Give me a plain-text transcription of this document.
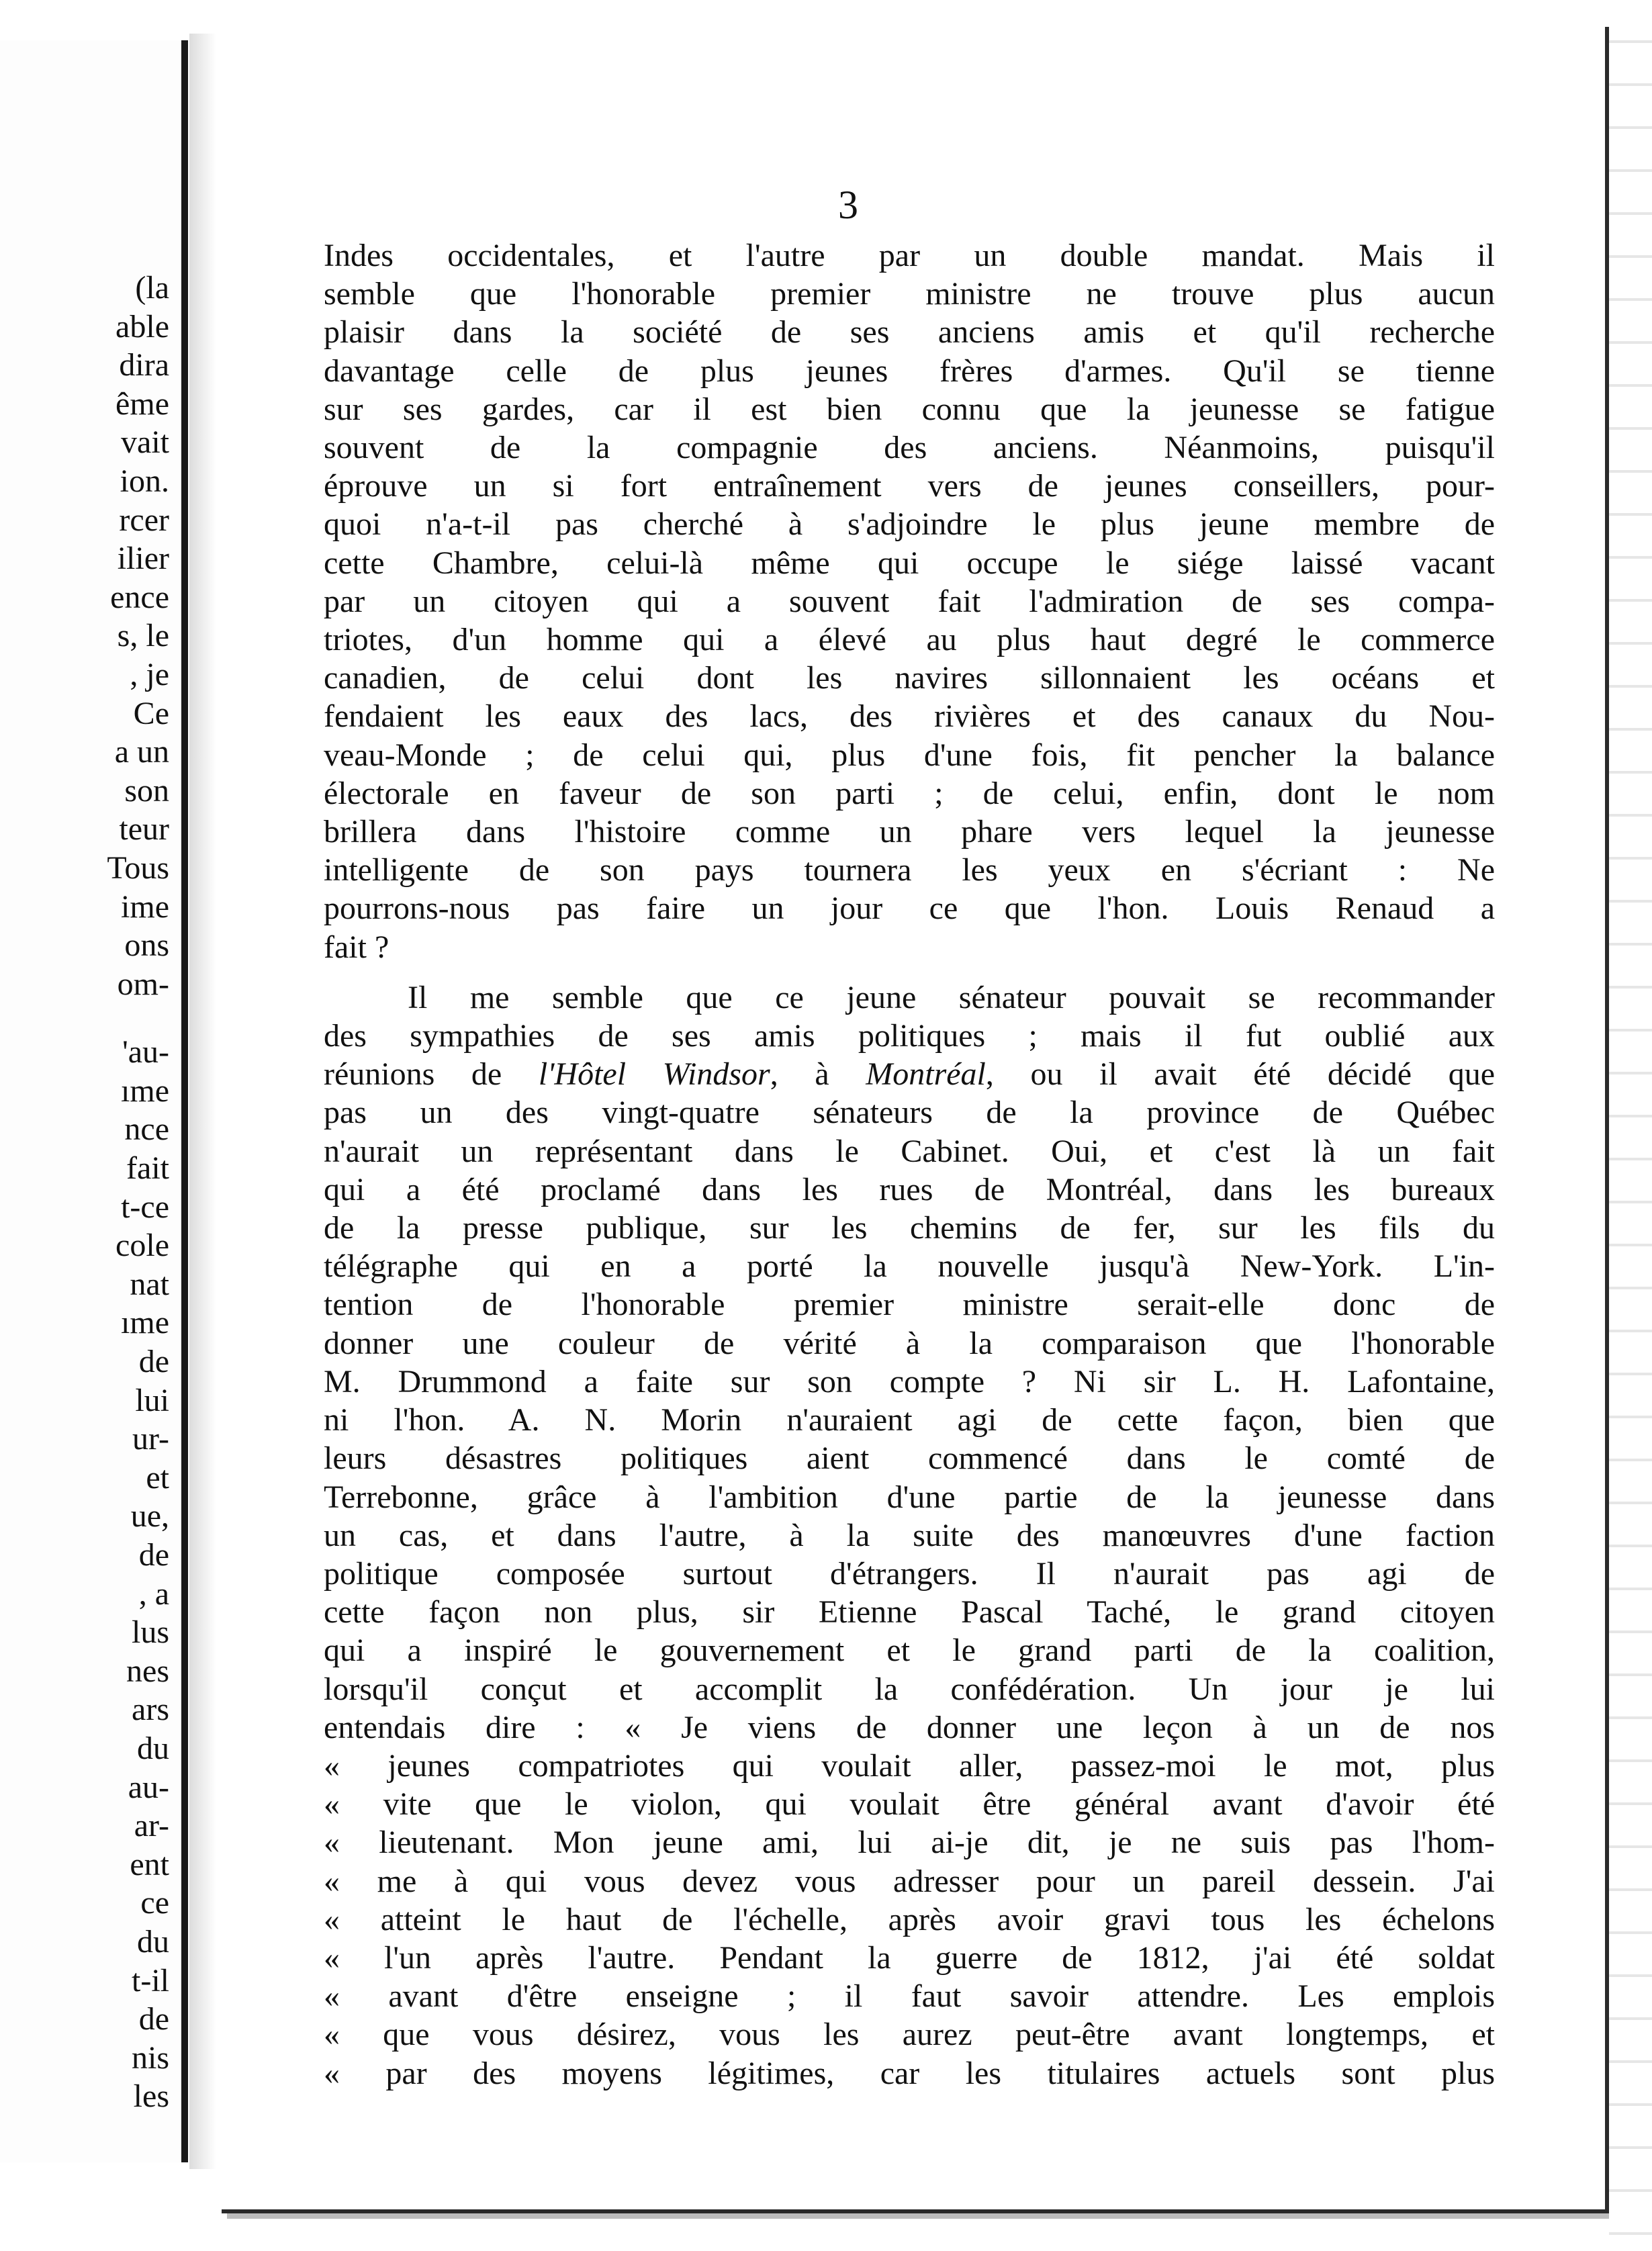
(la
able
dira
ême
vait
ion.
rcer
ilier
ence
s, le
, je
Ce
a un
son
teur
Tous
ime
ons
om-
'au-
ıme
nce
fait
t-ce
cole
nat
ıme
de
lui
ur-
et
ue,
de
, a
lus
nes
ars
du
au-
ar-
ent
ce
du
t-il
de
nis
les
3
Indes occidentales, et l'autre par un double mandat. Mais il
semble que l'honorable premier ministre ne trouve plus aucun
plaisir dans la société de ses anciens amis et qu'il recherche
davantage celle de plus jeunes frères d'armes. Qu'il se tienne
sur ses gardes, car il est bien connu que la jeunesse se fatigue
souvent de la compagnie des anciens. Néanmoins, puisqu'il
éprouve un si fort entraînement vers de jeunes conseillers, pour-
quoi n'a-t-il pas cherché à s'adjoindre le plus jeune membre de
cette Chambre, celui-là même qui occupe le siége laissé vacant
par un citoyen qui a souvent fait l'admiration de ses compa-
triotes, d'un homme qui a élevé au plus haut degré le commerce
canadien, de celui dont les navires sillonnaient les océans et
fendaient les eaux des lacs, des rivières et des canaux du Nou-
veau-Monde ; de celui qui, plus d'une fois, fit pencher la balance
électorale en faveur de son parti ; de celui, enfin, dont le nom
brillera dans l'histoire comme un phare vers lequel la jeunesse
intelligente de son pays tournera les yeux en s'écriant : Ne
pourrons-nous pas faire un jour ce que l'hon. Louis Renaud a
fait ?
Il me semble que ce jeune sénateur pouvait se recommander
des sympathies de ses amis politiques ; mais il fut oublié aux
réunions de l'Hôtel Windsor, à Montréal, ou il avait été décidé que
pas un des vingt-quatre sénateurs de la province de Québec
n'aurait un représentant dans le Cabinet. Oui, et c'est là un fait
qui a été proclamé dans les rues de Montréal, dans les bureaux
de la presse publique, sur les chemins de fer, sur les fils du
télégraphe qui en a porté la nouvelle jusqu'à New-York. L'in-
tention de l'honorable premier ministre serait-elle donc de
donner une couleur de vérité à la comparaison que l'honorable
M. Drummond a faite sur son compte ? Ni sir L. H. Lafontaine,
ni l'hon. A. N. Morin n'auraient agi de cette façon, bien que
leurs désastres politiques aient commencé dans le comté de
Terrebonne, grâce à l'ambition d'une partie de la jeunesse dans
un cas, et dans l'autre, à la suite des manœuvres d'une faction
politique composée surtout d'étrangers. Il n'aurait pas agi de
cette façon non plus, sir Etienne Pascal Taché, le grand citoyen
qui a inspiré le gouvernement et le grand parti de la coalition,
lorsqu'il conçut et accomplit la confédération. Un jour je lui
entendais dire : « Je viens de donner une leçon à un de nos
« jeunes compatriotes qui voulait aller, passez-moi le mot, plus
« vite que le violon, qui voulait être général avant d'avoir été
« lieutenant. Mon jeune ami, lui ai-je dit, je ne suis pas l'hom-
« me à qui vous devez vous adresser pour un pareil dessein. J'ai
« atteint le haut de l'échelle, après avoir gravi tous les échelons
« l'un après l'autre. Pendant la guerre de 1812, j'ai été soldat
« avant d'être enseigne ; il faut savoir attendre. Les emplois
« que vous désirez, vous les aurez peut-être avant longtemps, et
« par des moyens légitimes, car les titulaires actuels sont plus
